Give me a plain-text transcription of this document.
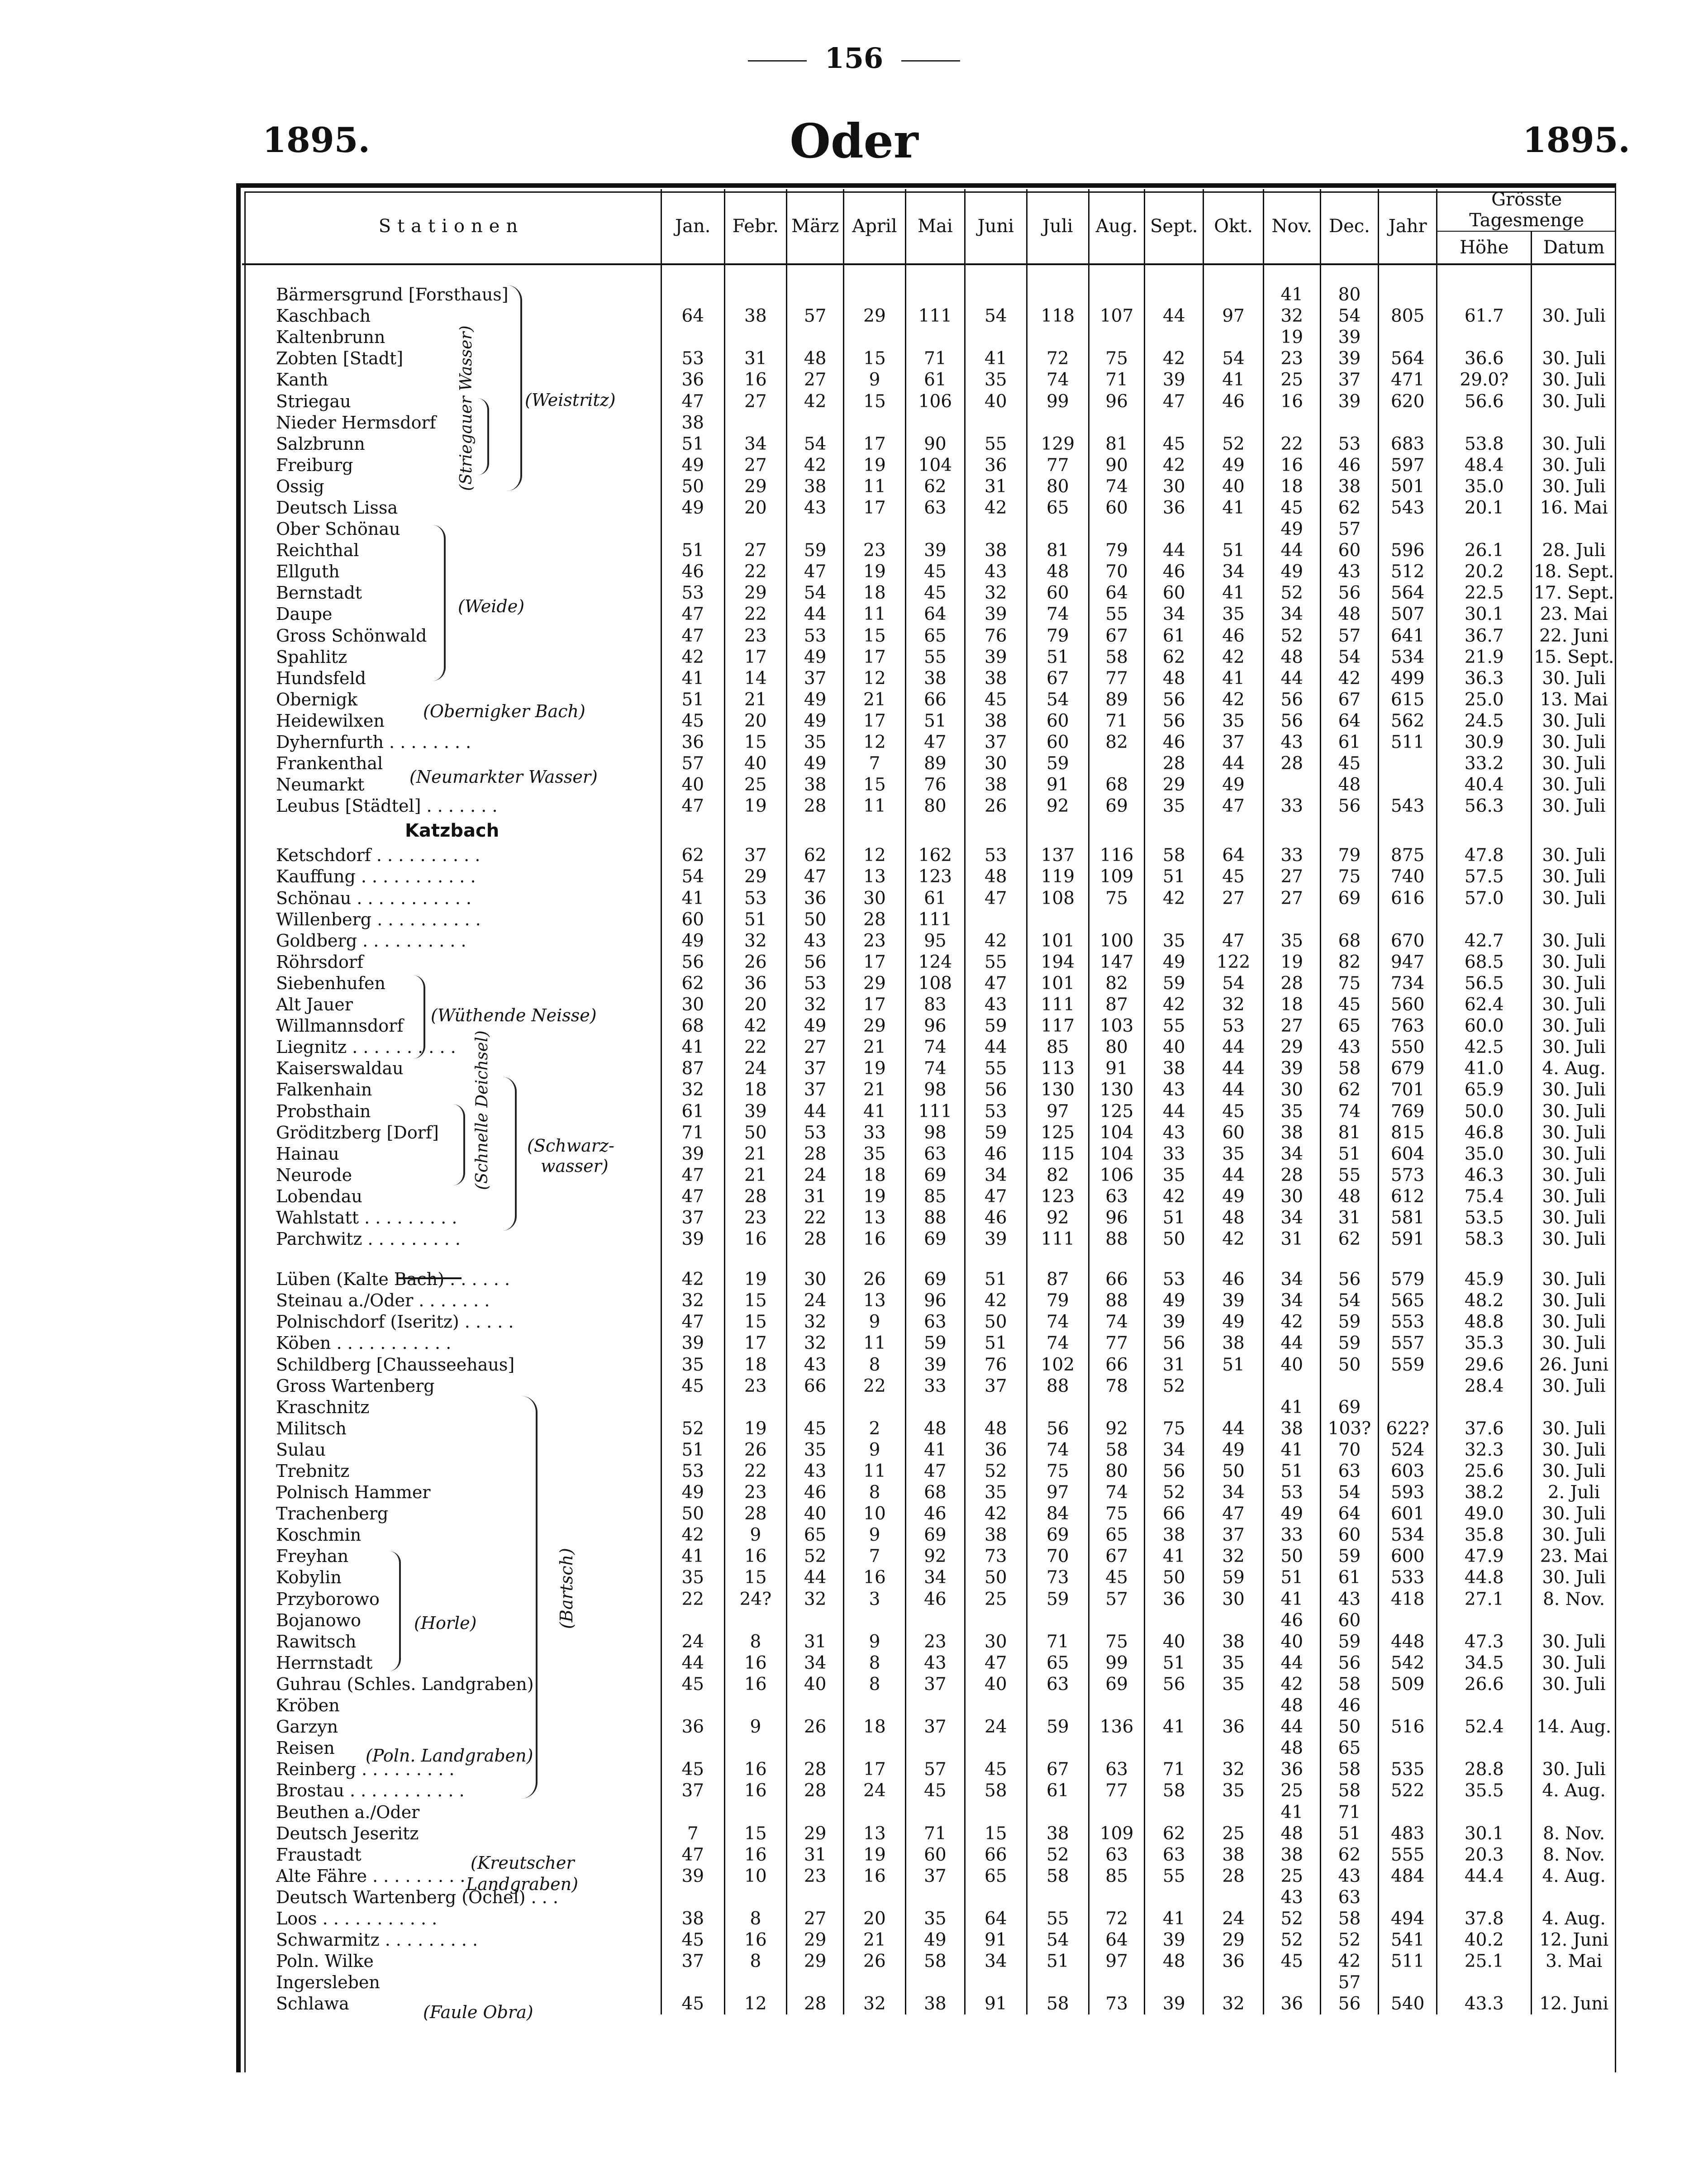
156
1895.	Oder	1895.
Stationen	Jan.	Febr.	März	April	Mai	Juni	Juli	Aug.	Sept.	Okt.	Nov.	Dec.	Jahr	Grösste Tagesmenge	
														Höhe	Datum

Bärmersgrund [Forsthaus]											41	80			
Kaschbach	64	38	57	29	111	54	118	107	44	97	32	54	805	61.7	30. Juli
Kaltenbrunn											19	39			
Zobten [Stadt]	53	31	48	15	71	41	72	75	42	54	23	39	564	36.6	30. Juli
Kanth	36	16	27	9	61	35	74	71	39	41	25	37	471	29.0?	30. Juli
Striegau	47	27	42	15	106	40	99	96	47	46	16	39	620	56.6	30. Juli
Nieder Hermsdorf	38														
Salzbrunn	51	34	54	17	90	55	129	81	45	52	22	53	683	53.8	30. Juli
Freiburg	49	27	42	19	104	36	77	90	42	49	16	46	597	48.4	30. Juli
Ossig	50	29	38	11	62	31	80	74	30	40	18	38	501	35.0	30. Juli
Deutsch Lissa	49	20	43	17	63	42	65	60	36	41	45	62	543	20.1	16. Mai
Ober Schönau											49	57			
Reichthal	51	27	59	23	39	38	81	79	44	51	44	60	596	26.1	28. Juli
Ellguth	46	22	47	19	45	43	48	70	46	34	49	43	512	20.2	18. Sept.
Bernstadt	53	29	54	18	45	32	60	64	60	41	52	56	564	22.5	17. Sept.
Daupe	47	22	44	11	64	39	74	55	34	35	34	48	507	30.1	23. Mai
Gross Schönwald	47	23	53	15	65	76	79	67	61	46	52	57	641	36.7	22. Juni
Spahlitz	42	17	49	17	55	39	51	58	62	42	48	54	534	21.9	15. Sept.
Hundsfeld	41	14	37	12	38	38	67	77	48	41	44	42	499	36.3	30. Juli
Obernigk	51	21	49	21	66	45	54	89	56	42	56	67	615	25.0	13. Mai
Heidewilxen	45	20	49	17	51	38	60	71	56	35	56	64	562	24.5	30. Juli
Dyhernfurth . . . . . . . .	36	15	35	12	47	37	60	82	46	37	43	61	511	30.9	30. Juli
Frankenthal	57	40	49	7	89	30	59		28	44	28	45		33.2	30. Juli
Neumarkt	40	25	38	15	76	38	91	68	29	49		48		40.4	30. Juli
Leubus [Städtel] . . . . . . .	47	19	28	11	80	26	92	69	35	47	33	56	543	56.3	30. Juli
Katzbach															
Ketschdorf . . . . . . . . . .	62	37	62	12	162	53	137	116	58	64	33	79	875	47.8	30. Juli
Kauffung . . . . . . . . . . .	54	29	47	13	123	48	119	109	51	45	27	75	740	57.5	30. Juli
Schönau . . . . . . . . . . .	41	53	36	30	61	47	108	75	42	27	27	69	616	57.0	30. Juli
Willenberg . . . . . . . . . .	60	51	50	28	111										
Goldberg . . . . . . . . . .	49	32	43	23	95	42	101	100	35	47	35	68	670	42.7	30. Juli
Röhrsdorf	56	26	56	17	124	55	194	147	49	122	19	82	947	68.5	30. Juli
Siebenhufen	62	36	53	29	108	47	101	82	59	54	28	75	734	56.5	30. Juli
Alt Jauer	30	20	32	17	83	43	111	87	42	32	18	45	560	62.4	30. Juli
Willmannsdorf	68	42	49	29	96	59	117	103	55	53	27	65	763	60.0	30. Juli
Liegnitz . . . . . . . . . .	41	22	27	21	74	44	85	80	40	44	29	43	550	42.5	30. Juli
Kaiserswaldau	87	24	37	19	74	55	113	91	38	44	39	58	679	41.0	4. Aug.
Falkenhain	32	18	37	21	98	56	130	130	43	44	30	62	701	65.9	30. Juli
Probsthain	61	39	44	41	111	53	97	125	44	45	35	74	769	50.0	30. Juli
Gröditzberg [Dorf]	71	50	53	33	98	59	125	104	43	60	38	81	815	46.8	30. Juli
Hainau	39	21	28	35	63	46	115	104	33	35	34	51	604	35.0	30. Juli
Neurode	47	21	24	18	69	34	82	106	35	44	28	55	573	46.3	30. Juli
Lobendau	47	28	31	19	85	47	123	63	42	49	30	48	612	75.4	30. Juli
Wahlstatt . . . . . . . . .	37	23	22	13	88	46	92	96	51	48	34	31	581	53.5	30. Juli
Parchwitz . . . . . . . . .	39	16	28	16	69	39	111	88	50	42	31	62	591	58.3	30. Juli

Lüben (Kalte Bach) . . . . . .	42	19	30	26	69	51	87	66	53	46	34	56	579	45.9	30. Juli
Steinau a./Oder . . . . . . .	32	15	24	13	96	42	79	88	49	39	34	54	565	48.2	30. Juli
Polnischdorf (Iseritz) . . . . .	47	15	32	9	63	50	74	74	39	49	42	59	553	48.8	30. Juli
Köben . . . . . . . . . . .	39	17	32	11	59	51	74	77	56	38	44	59	557	35.3	30. Juli
Schildberg [Chausseehaus]	35	18	43	8	39	76	102	66	31	51	40	50	559	29.6	26. Juni
Gross Wartenberg	45	23	66	22	33	37	88	78	52					28.4	30. Juli
Kraschnitz											41	69			
Militsch	52	19	45	2	48	48	56	92	75	44	38	103?	622?	37.6	30. Juli
Sulau	51	26	35	9	41	36	74	58	34	49	41	70	524	32.3	30. Juli
Trebnitz	53	22	43	11	47	52	75	80	56	50	51	63	603	25.6	30. Juli
Polnisch Hammer	49	23	46	8	68	35	97	74	52	34	53	54	593	38.2	2. Juli
Trachenberg	50	28	40	10	46	42	84	75	66	47	49	64	601	49.0	30. Juli
Koschmin	42	9	65	9	69	38	69	65	38	37	33	60	534	35.8	30. Juli
Freyhan	41	16	52	7	92	73	70	67	41	32	50	59	600	47.9	23. Mai
Kobylin	35	15	44	16	34	50	73	45	50	59	51	61	533	44.8	30. Juli
Przyborowo	22	24?	32	3	46	25	59	57	36	30	41	43	418	27.1	8. Nov.
Bojanowo											46	60			
Rawitsch	24	8	31	9	23	30	71	75	40	38	40	59	448	47.3	30. Juli
Herrnstadt	44	16	34	8	43	47	65	99	51	35	44	56	542	34.5	30. Juli
Guhrau (Schles. Landgraben)	45	16	40	8	37	40	63	69	56	35	42	58	509	26.6	30. Juli
Kröben											48	46			
Garzyn	36	9	26	18	37	24	59	136	41	36	44	50	516	52.4	14. Aug.
Reisen											48	65			
Reinberg . . . . . . . . .	45	16	28	17	57	45	67	63	71	32	36	58	535	28.8	30. Juli
Brostau . . . . . . . . . . .	37	16	28	24	45	58	61	77	58	35	25	58	522	35.5	4. Aug.
Beuthen a./Oder											41	71			
Deutsch Jeseritz	7	15	29	13	71	15	38	109	62	25	48	51	483	30.1	8. Nov.
Fraustadt	47	16	31	19	60	66	52	63	63	38	38	62	555	20.3	8. Nov.
Alte Fähre . . . . . . . . .	39	10	23	16	37	65	58	85	55	28	25	43	484	44.4	4. Aug.
Deutsch Wartenberg (Ochel) . . .											43	63			
Loos . . . . . . . . . . .	38	8	27	20	35	64	55	72	41	24	52	58	494	37.8	4. Aug.
Schwarmitz . . . . . . . . .	45	16	29	21	49	91	54	64	39	29	52	52	541	40.2	12. Juni
Poln. Wilke	37	8	29	26	58	34	51	97	48	36	45	42	511	25.1	3. Mai
Ingersleben												57			
Schlawa	45	12	28	32	38	91	58	73	39	32	36	56	540	43.3	12. Juni
(Weistritz)
(Striegauer Wasser)
(Weide)
(Obernigker Bach)
(Neumarkter Wasser)
(Wüthende Neisse)
(Schnelle Deichsel) (Schwarz-
wasser)
(Bartsch)
(Horle)
(Poln. Landgraben)
(Kreutscher
Landgraben)
(Faule Obra)
